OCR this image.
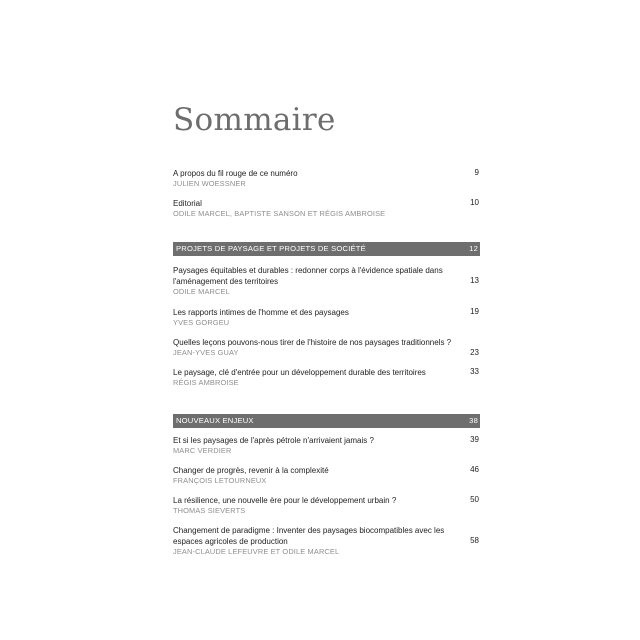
Sommaire
A propos du fil rouge de ce numéro
JULIEN WOESSNER
9
Editorial
ODILE MARCEL, BAPTISTE SANSON ET RÉGIS AMBROISE
10
PROJETS DE PAYSAGE ET PROJETS DE SOCIÉTÉ	12
Paysages équitables et durables : redonner corps à l'évidence spatiale dans l'aménagement des territoires
ODILE MARCEL
13
Les rapports intimes de l'homme et des paysages
YVES GORGEU
19
Quelles leçons pouvons-nous tirer de l'histoire de nos paysages traditionnels ?
JEAN-YVES GUAY	23
Le paysage, clé d'entrée pour un développement durable des territoires
RÉGIS AMBROISE
33
NOUVEAUX ENJEUX	38
Et si les paysages de l'après pétrole n'arrivaient jamais ?
MARC VERDIER
39
Changer de progrès, revenir à la complexité
FRANÇOIS LETOURNEUX
46
La résilience, une nouvelle ère pour le développement urbain ?
THOMAS SIEVERTS
50
Changement de paradigme : Inventer des paysages biocompatibles avec les espaces agricoles de production
JEAN-CLAUDE LEFEUVRE ET ODILE MARCEL
58
